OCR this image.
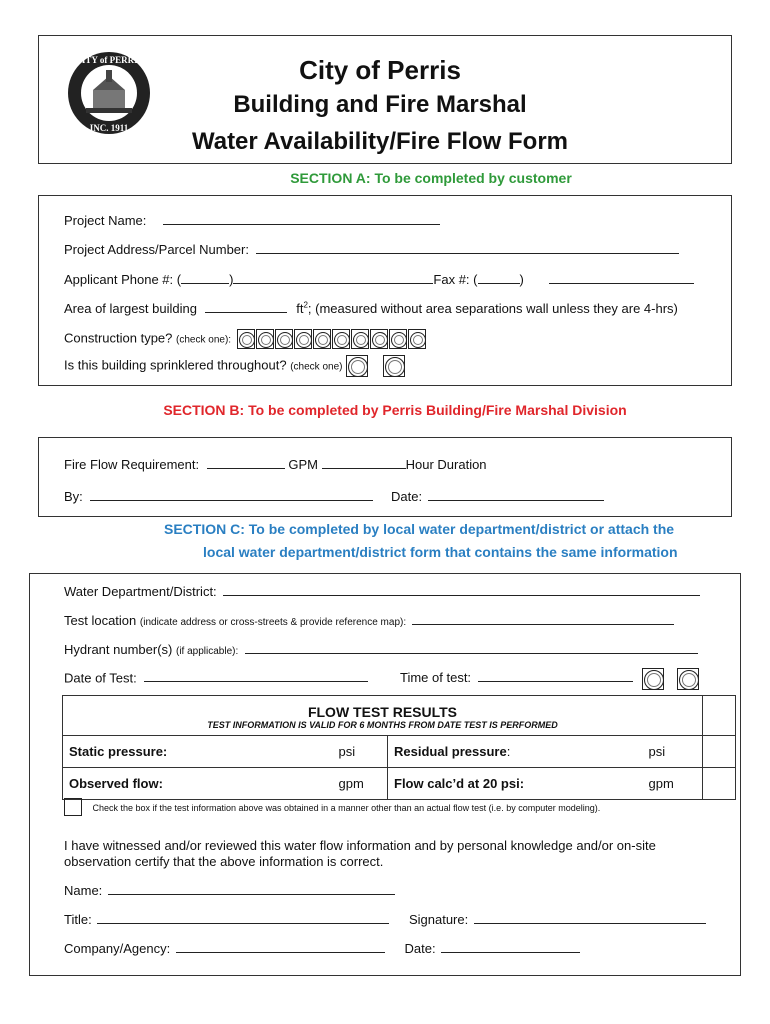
CITY of PERRIS
INC. 1911
City of Perris
Building and Fire Marshal
Water Availability/Fire Flow Form
SECTION A: To be completed by customer
Project Name:
Project Address/Parcel Number:
Applicant Phone #: (	)	Fax #: (	)
Area of largest building	$ft^2$; (measured without area separations wall unless they are 4-hrs)
Construction type? (check one):
Is this building sprinklered throughout? (check one)
SECTION B: To be completed by Perris Building/Fire Marshal Division
Fire Flow Requirement:	GPM	Hour Duration
By:	Date:
SECTION C: To be completed by local water department/district or attach the
local water department/district form that contains the same information
Water Department/District:
Test location (indicate address or cross-streets & provide reference map):
Hydrant number(s) (if applicable):
Date of Test:	Time of test:
FLOW TEST RESULTS
TEST INFORMATION IS VALID FOR 6 MONTHS FROM DATE TEST IS PERFORMED				

Static pressure:	psi	Residual pressure:	psi	
Observed flow:	gpm	Flow calc’d at 20 psi:	gpm	
Check the box if the test information above was obtained in a manner other than an actual flow test (i.e. by computer modeling).
I have witnessed and/or reviewed this water flow information and by personal knowledge and/or on-site observation certify that the above information is correct.
Name:
Title:	Signature:
Company/Agency:	Date:
